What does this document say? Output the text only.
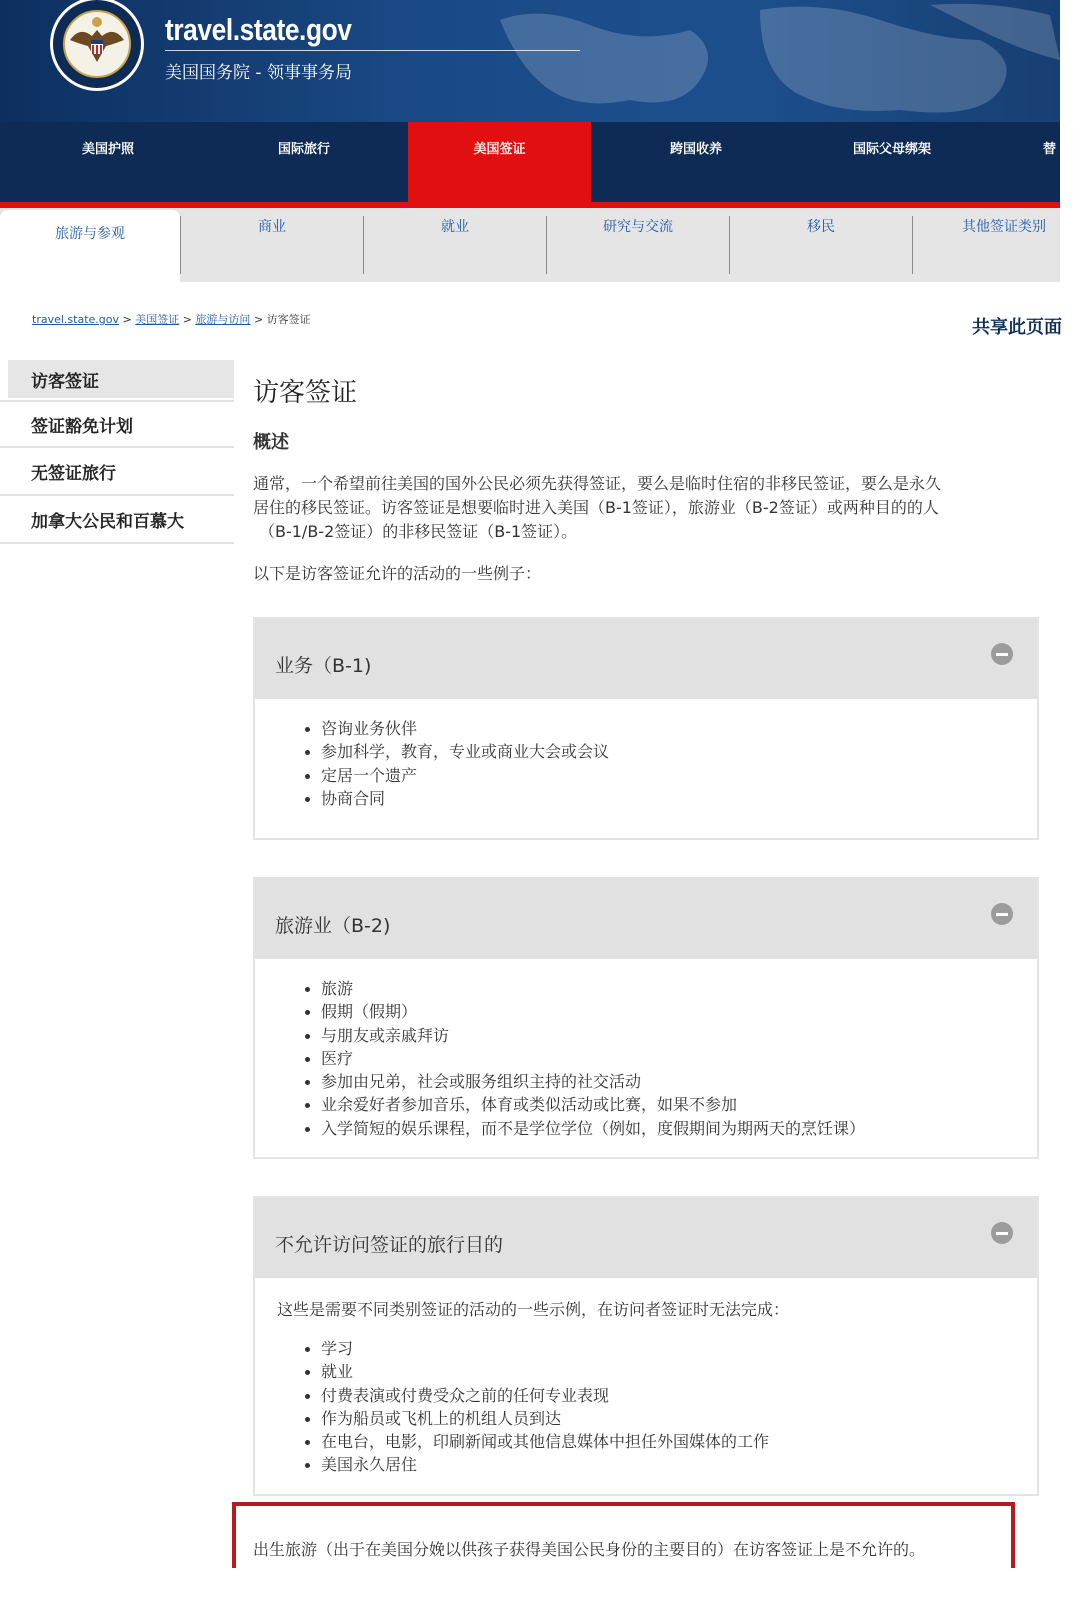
travel.state.gov
美国国务院 - 领事事务局
美国护照	国际旅行	美国签证	跨国收养	国际父母绑架	替
旅游与参观	商业	就业	研究与交流	移民	其他签证类别
travel.state.gov > 美国签证 > 旅游与访问 > 访客签证	共享此页面
访客签证
签证豁免计划
无签证旅行
加拿大公民和百慕大
访客签证
概述
通常，一个希望前往美国的国外公民必须先获得签证，要么是临时住宿的非移民签证，要么是永久
居住的移民签证。访客签证是想要临时进入美国（B-1签证），旅游业（B-2签证）或两种目的的人
（B-1/B-2签证）的非移民签证（B-1签证）。
以下是访客签证允许的活动的一些例子：
业务（B-1)
咨询业务伙伴
参加科学，教育，专业或商业大会或会议
定居一个遗产
协商合同
旅游业（B-2)
旅游
假期（假期）
与朋友或亲戚拜访
医疗
参加由兄弟，社会或服务组织主持的社交活动
业余爱好者参加音乐，体育或类似活动或比赛，如果不参加
入学简短的娱乐课程，而不是学位学位（例如，度假期间为期两天的烹饪课）
不允许访问签证的旅行目的
这些是需要不同类别签证的活动的一些示例，在访问者签证时无法完成：
学习
就业
付费表演或付费受众之前的任何专业表现
作为船员或飞机上的机组人员到达
在电台，电影，印刷新闻或其他信息媒体中担任外国媒体的工作
美国永久居住
出生旅游（出于在美国分娩以供孩子获得美国公民身份的主要目的）在访客签证上是不允许的。
